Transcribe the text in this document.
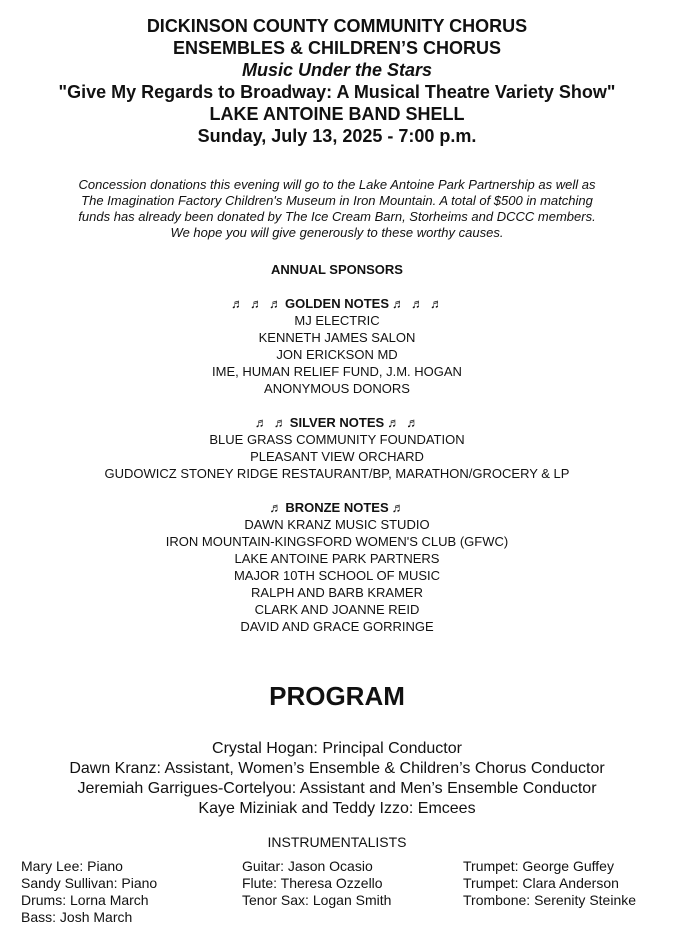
DICKINSON COUNTY COMMUNITY CHORUS
ENSEMBLES & CHILDREN’S CHORUS
Music Under the Stars
"Give My Regards to Broadway: A Musical Theatre Variety Show"
LAKE ANTOINE BAND SHELL
Sunday, July 13, 2025 - 7:00 p.m.
Concession donations this evening will go to the Lake Antoine Park Partnership as well as
The Imagination Factory Children's Museum in Iron Mountain. A total of $500 in matching
funds has already been donated by The Ice Cream Barn, Storheims and DCCC members.
We hope you will give generously to these worthy causes.
ANNUAL SPONSORS
♬ ♬ ♬ GOLDEN NOTES ♬ ♬ ♬
MJ ELECTRIC
KENNETH JAMES SALON
JON ERICKSON MD
IME, HUMAN RELIEF FUND, J.M. HOGAN
ANONYMOUS DONORS
♬ ♬ SILVER NOTES ♬ ♬
BLUE GRASS COMMUNITY FOUNDATION
PLEASANT VIEW ORCHARD
GUDOWICZ STONEY RIDGE RESTAURANT/BP, MARATHON/GROCERY & LP
♬ BRONZE NOTES ♬
DAWN KRANZ MUSIC STUDIO
IRON MOUNTAIN-KINGSFORD WOMEN'S CLUB (GFWC)
LAKE ANTOINE PARK PARTNERS
MAJOR 10TH SCHOOL OF MUSIC
RALPH AND BARB KRAMER
CLARK AND JOANNE REID
DAVID AND GRACE GORRINGE
PROGRAM
Crystal Hogan: Principal Conductor
Dawn Kranz: Assistant, Women’s Ensemble & Children’s Chorus Conductor
Jeremiah Garrigues-Cortelyou: Assistant and Men’s Ensemble Conductor
Kaye Miziniak and Teddy Izzo: Emcees
INSTRUMENTALISTS
Mary Lee: Piano
Sandy Sullivan: Piano
Drums: Lorna March
Bass: Josh March
Guitar: Jason Ocasio
Flute: Theresa Ozzello
Tenor Sax: Logan Smith
Trumpet: George Guffey
Trumpet: Clara Anderson
Trombone: Serenity Steinke
